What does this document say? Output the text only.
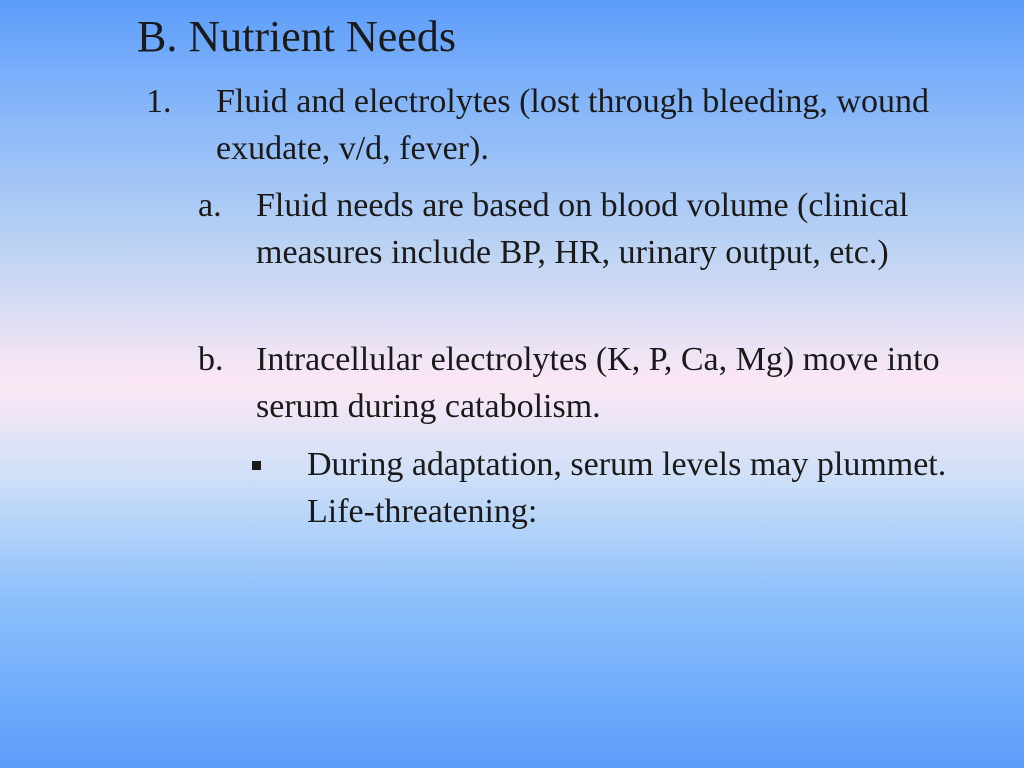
B. Nutrient Needs
1. Fluid and electrolytes (lost through bleeding, wound exudate, v/d, fever).
a. Fluid needs are based on blood volume (clinical measures include BP, HR, urinary output, etc.)
b. Intracellular electrolytes (K, P, Ca, Mg) move into serum during catabolism.
During adaptation, serum levels may plummet. Life-threatening:
